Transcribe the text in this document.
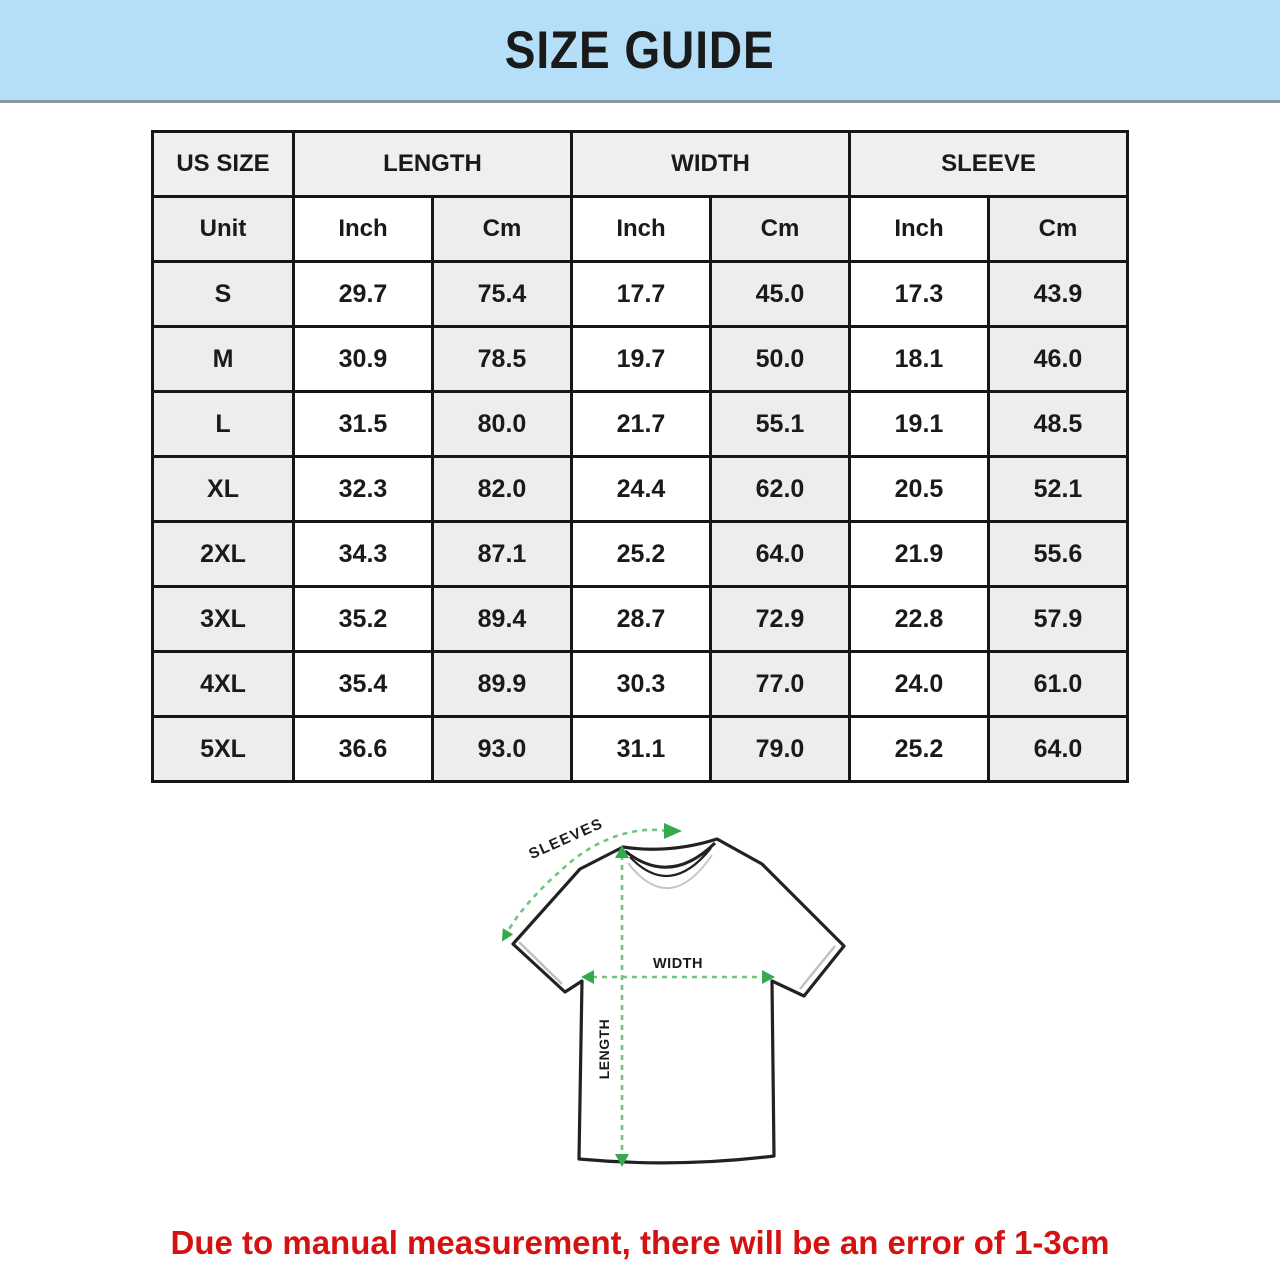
SIZE GUIDE
US SIZE	LENGTH		WIDTH		SLEEVE	
Unit	Inch	Cm	Inch	Cm	Inch	Cm
S	29.7	75.4	17.7	45.0	17.3	43.9
M	30.9	78.5	19.7	50.0	18.1	46.0
L	31.5	80.0	21.7	55.1	19.1	48.5
XL	32.3	82.0	24.4	62.0	20.5	52.1
2XL	34.3	87.1	25.2	64.0	21.9	55.6
3XL	35.2	89.4	28.7	72.9	22.8	57.9
4XL	35.4	89.9	30.3	77.0	24.0	61.0
5XL	36.6	93.0	31.1	79.0	25.2	64.0
SLEEVES
WIDTH
LENGTH

Due to manual measurement, there will be an error of 1-3cm
